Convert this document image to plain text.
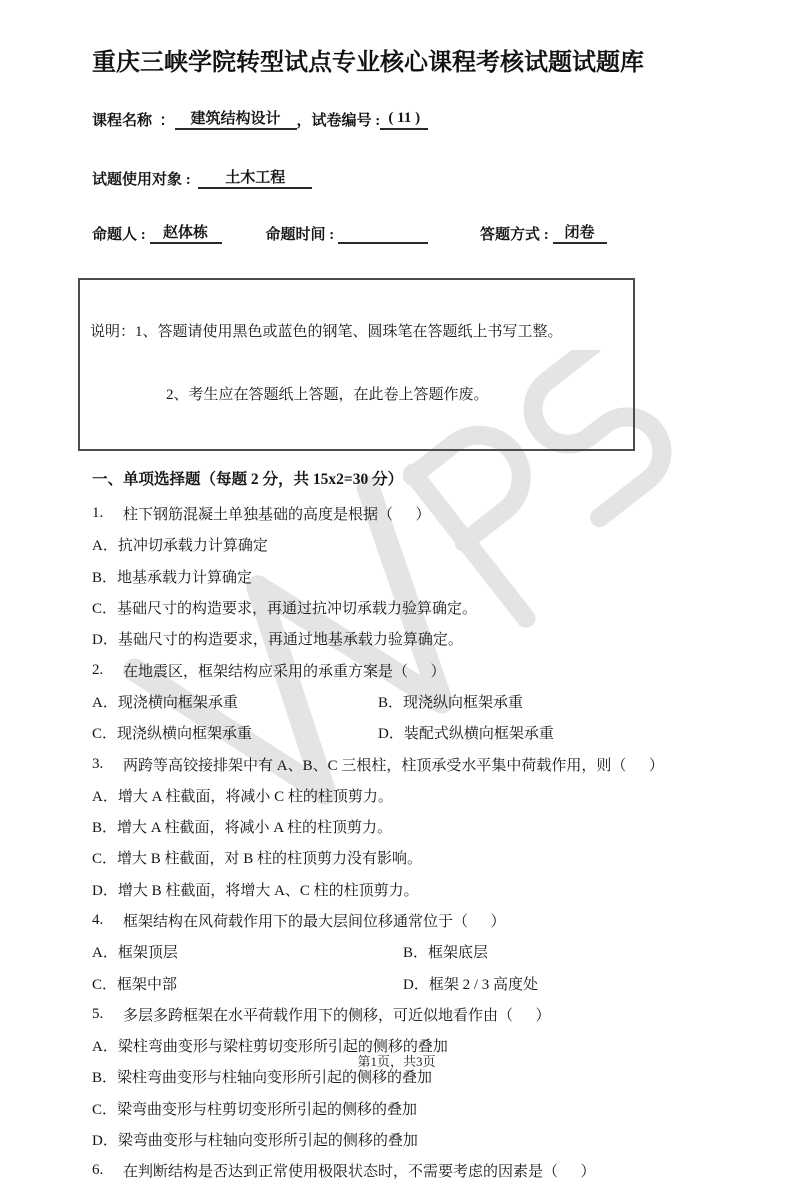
重庆三峡学院转型试点专业核心课程考核试题试题库
课程名称  ：	建筑结构设计	，试卷编号 : ( 11 )
试题使用对象 :	土木工程
命题人 : 赵体栋	命题时间 :	答题方式 : 闭卷

说明：1、答题请使用黑色或蓝色的钢笔、圆珠笔在答题纸上书写工整。

2、考生应在答题纸上答题，在此卷上答题作废。

一、单项选择题（每题 2 分，共 15x2=30 分）
1.	柱下钢筋混凝土单独基础的高度是根据（      ）
A．抗冲切承载力计算确定
B．地基承载力计算确定
C．基础尺寸的构造要求，再通过抗冲切承载力验算确定。
D．基础尺寸的构造要求，再通过地基承载力验算确定。
2.	在地震区，框架结构应采用的承重方案是（      ）
A．现浇横向框架承重	B．现浇纵向框架承重
C．现浇纵横向框架承重	D．装配式纵横向框架承重
3.	两跨等高铰接排架中有 A、B、C 三根柱，柱顶承受水平集中荷载作用，则（      ）
A．增大 A 柱截面，将减小 C 柱的柱顶剪力。
B．增大 A 柱截面，将减小 A 柱的柱顶剪力。
C．增大 B 柱截面，对 B 柱的柱顶剪力没有影响。
D．增大 B 柱截面，将增大 A、C 柱的柱顶剪力。
4.	框架结构在风荷载作用下的最大层间位移通常位于（      ）
A．框架顶层	B．框架底层
C．框架中部	D．框架 2 / 3 高度处
5.	多层多跨框架在水平荷载作用下的侧移，可近似地看作由（      ）
A．梁柱弯曲变形与梁柱剪切变形所引起的侧移的叠加
B．梁柱弯曲变形与柱轴向变形所引起的侧移的叠加
C．梁弯曲变形与柱剪切变形所引起的侧移的叠加
D．梁弯曲变形与柱轴向变形所引起的侧移的叠加
6.	在判断结构是否达到正常使用极限状态时，不需要考虑的因素是（      ）
第1页，共3页
